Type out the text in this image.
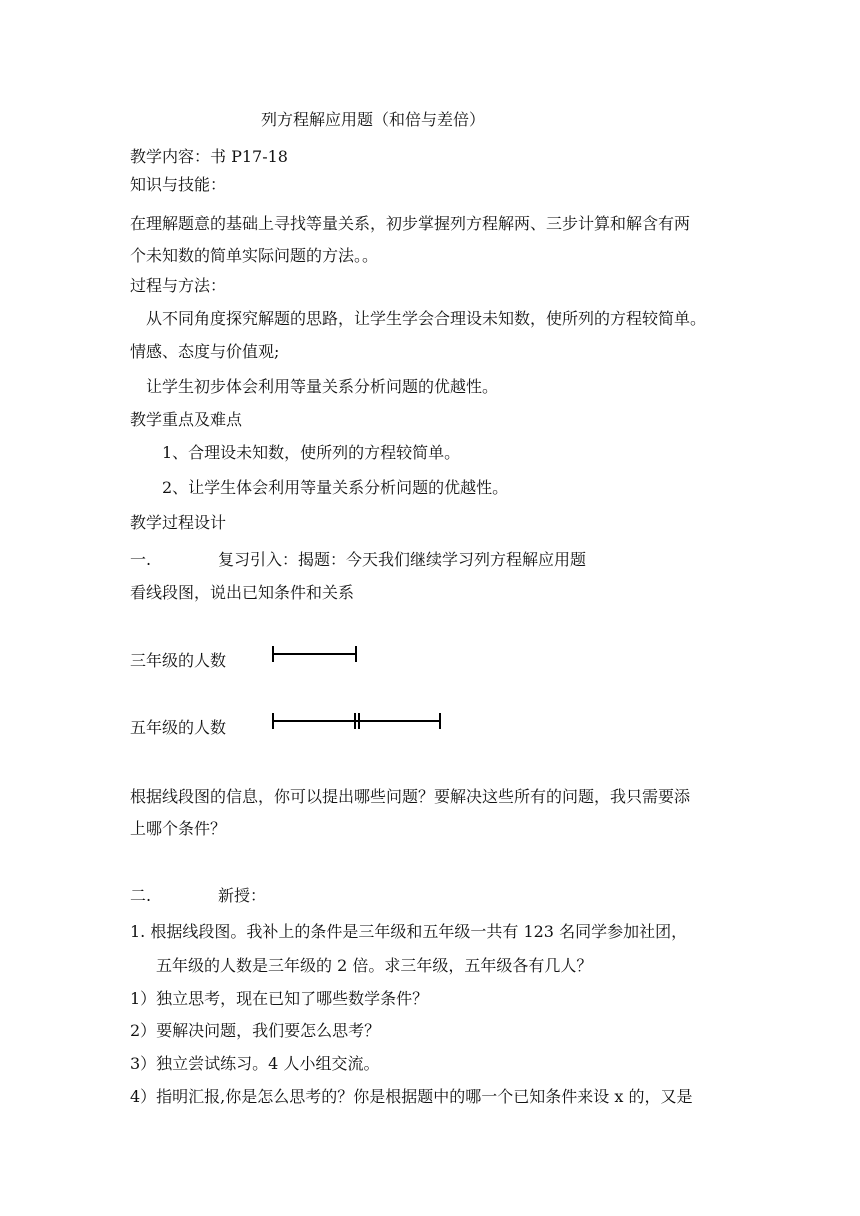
列方程解应用题（和倍与差倍）
教学内容：书 P17-18
知识与技能：
在理解题意的基础上寻找等量关系，初步掌握列方程解两、三步计算和解含有两
个未知数的简单实际问题的方法。。
过程与方法：
从不同角度探究解题的思路，让学生学会合理设未知数，使所列的方程较简单。
情感、态度与价值观;
让学生初步体会利用等量关系分析问题的优越性。
教学重点及难点
1、合理设未知数，使所列的方程较简单。
2、让学生体会利用等量关系分析问题的优越性。
教学过程设计
一.	复习引入：揭题：今天我们继续学习列方程解应用题
看线段图，说出已知条件和关系
三年级的人数
五年级的人数
根据线段图的信息，你可以提出哪些问题？要解决这些所有的问题，我只需要添
上哪个条件？
二.	新授：
1. 根据线段图。我补上的条件是三年级和五年级一共有 123 名同学参加社团，
五年级的人数是三年级的 2 倍。求三年级，五年级各有几人？
1）独立思考，现在已知了哪些数学条件？
2）要解决问题，我们要怎么思考？
3）独立尝试练习。4 人小组交流。
4）指明汇报,你是怎么思考的？你是根据题中的哪一个已知条件来设 x 的，又是
